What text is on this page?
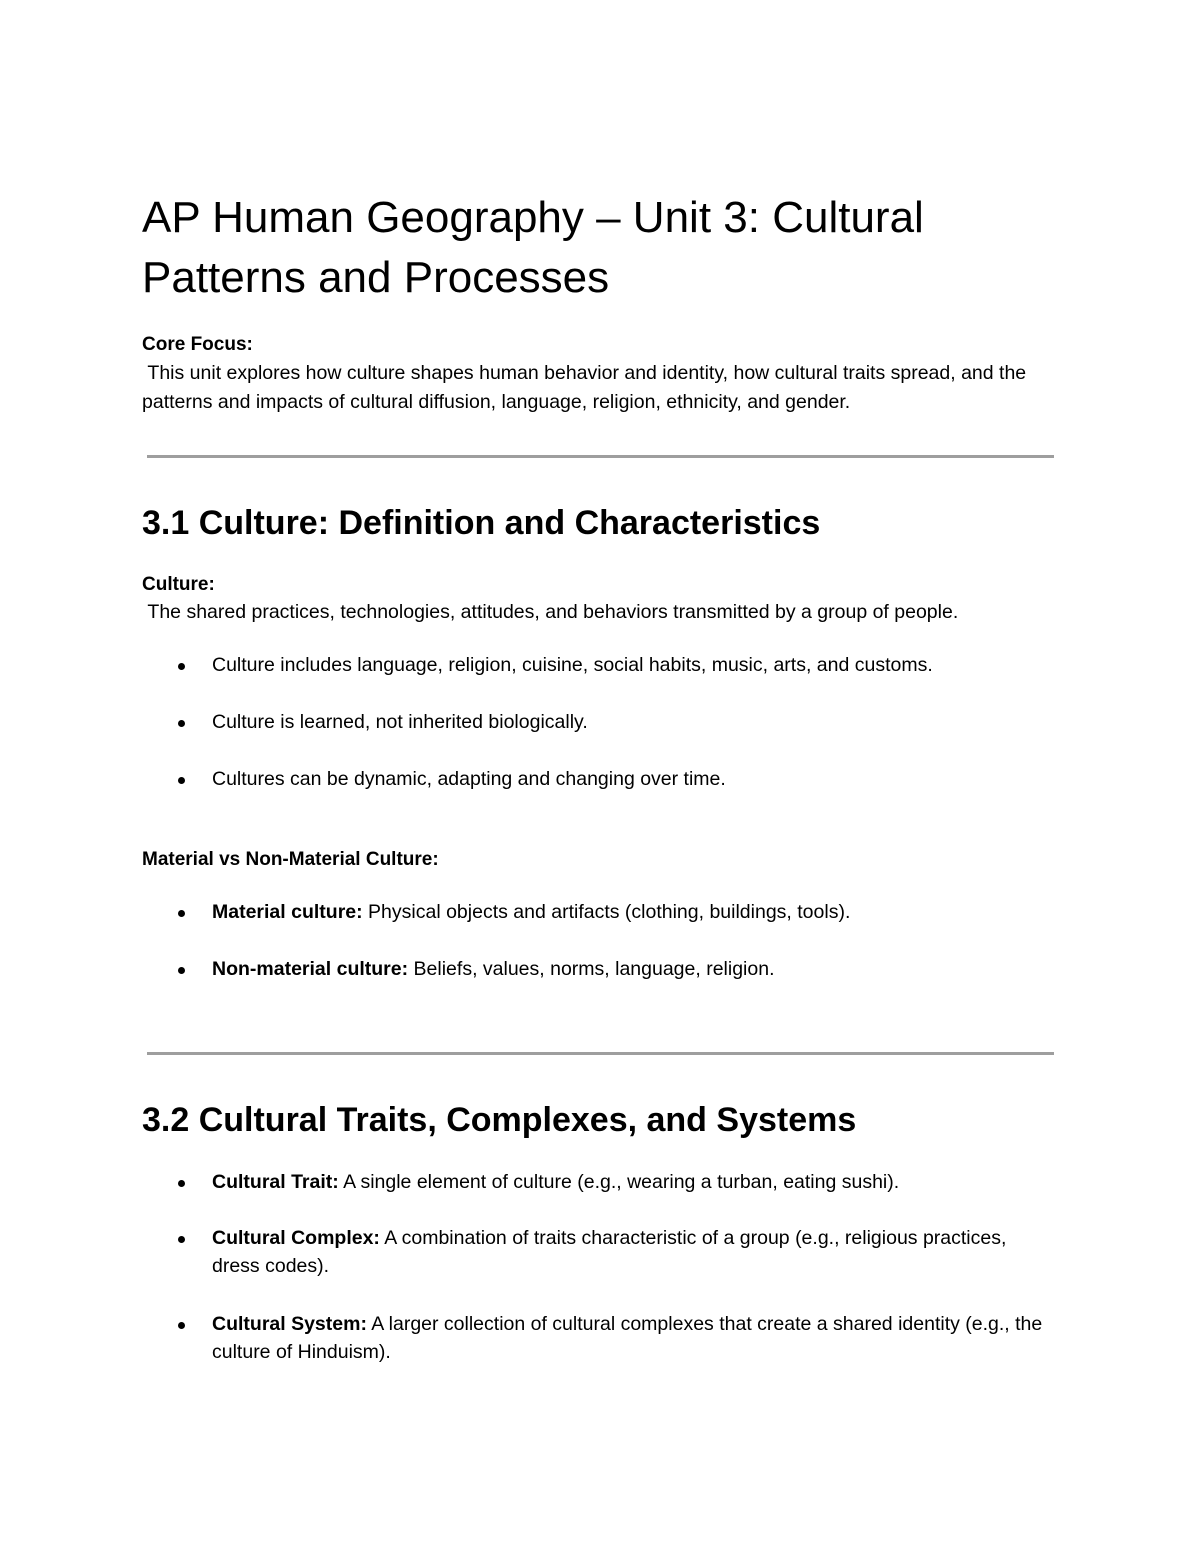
AP Human Geography – Unit 3: Cultural Patterns and Processes

Core Focus:

This unit explores how culture shapes human behavior and identity, how cultural traits spread, and the patterns and impacts of cultural diffusion, language, religion, ethnicity, and gender.

3.1 Culture: Definition and Characteristics

Culture:

The shared practices, technologies, attitudes, and behaviors transmitted by a group of people.

Culture includes language, religion, cuisine, social habits, music, arts, and customs.
Culture is learned, not inherited biologically.
Cultures can be dynamic, adapting and changing over time.

Material vs Non-Material Culture:

Material culture: Physical objects and artifacts (clothing, buildings, tools).
Non-material culture: Beliefs, values, norms, language, religion.
3.2 Cultural Traits, Complexes, and Systems
Cultural Trait: A single element of culture (e.g., wearing a turban, eating sushi).
Cultural Complex: A combination of traits characteristic of a group (e.g., religious practices, dress codes).
Cultural System: A larger collection of cultural complexes that create a shared identity (e.g., the culture of Hinduism).
